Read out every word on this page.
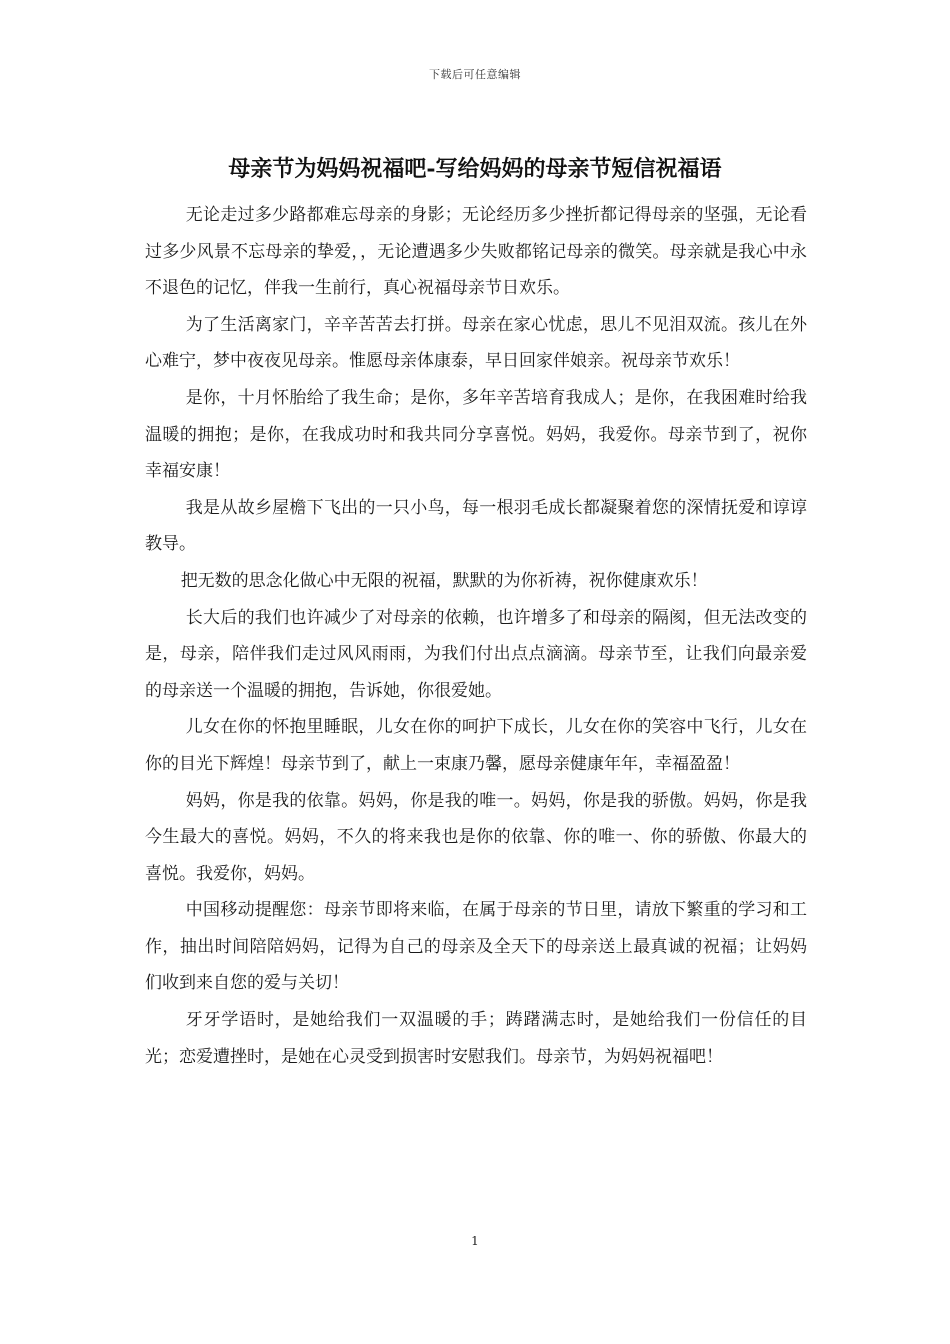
下载后可任意编辑
母亲节为妈妈祝福吧-写给妈妈的母亲节短信祝福语

无论走过多少路都难忘母亲的身影；无论经历多少挫折都记得母亲的坚强，无论看过多少风景不忘母亲的挚爱，，无论遭遇多少失败都铭记母亲的微笑。母亲就是我心中永不退色的记忆，伴我一生前行，真心祝福母亲节日欢乐。

为了生活离家门，辛辛苦苦去打拼。母亲在家心忧虑，思儿不见泪双流。孩儿在外心难宁，梦中夜夜见母亲。惟愿母亲体康泰，早日回家伴娘亲。祝母亲节欢乐！

是你，十月怀胎给了我生命；是你，多年辛苦培育我成人；是你，在我困难时给我温暖的拥抱；是你，在我成功时和我共同分享喜悦。妈妈，我爱你。母亲节到了，祝你幸福安康！

我是从故乡屋檐下飞出的一只小鸟，每一根羽毛成长都凝聚着您的深情抚爱和谆谆教导。

把无数的思念化做心中无限的祝福，默默的为你祈祷，祝你健康欢乐！

长大后的我们也许减少了对母亲的依赖，也许增多了和母亲的隔阂，但无法改变的是，母亲，陪伴我们走过风风雨雨，为我们付出点点滴滴。母亲节至，让我们向最亲爱的母亲送一个温暖的拥抱，告诉她，你很爱她。

儿女在你的怀抱里睡眠，儿女在你的呵护下成长，儿女在你的笑容中飞行，儿女在你的目光下辉煌！母亲节到了，献上一束康乃馨，愿母亲健康年年，幸福盈盈！

妈妈，你是我的依靠。妈妈，你是我的唯一。妈妈，你是我的骄傲。妈妈，你是我今生最大的喜悦。妈妈，不久的将来我也是你的依靠、你的唯一、你的骄傲、你最大的喜悦。我爱你，妈妈。

中国移动提醒您：母亲节即将来临，在属于母亲的节日里，请放下繁重的学习和工作，抽出时间陪陪妈妈，记得为自己的母亲及全天下的母亲送上最真诚的祝福；让妈妈们收到来自您的爱与关切！

牙牙学语时，是她给我们一双温暖的手；踌躇满志时，是她给我们一份信任的目光；恋爱遭挫时，是她在心灵受到损害时安慰我们。母亲节，为妈妈祝福吧！

1
